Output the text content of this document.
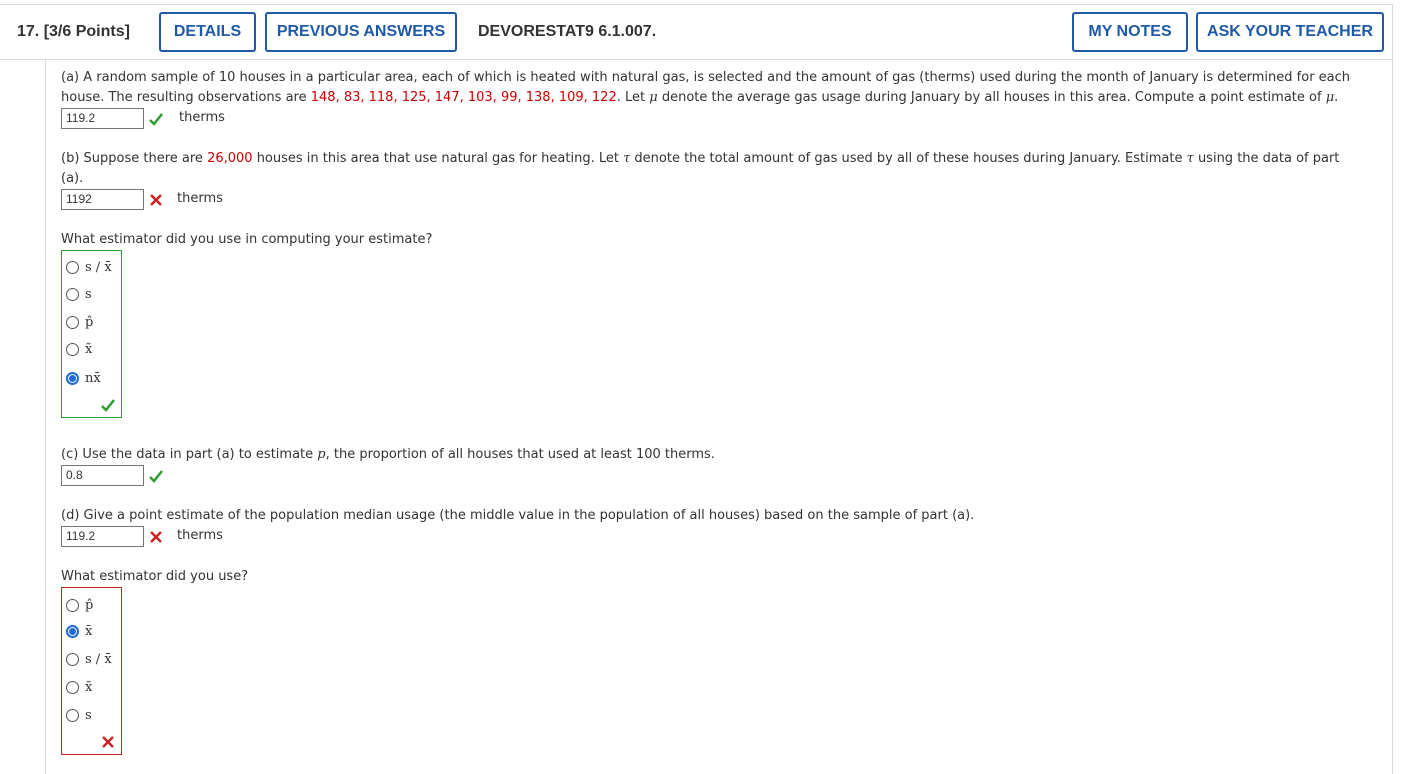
17. [3/6 Points]	DETAILS	PREVIOUS ANSWERS	DEVORESTAT9 6.1.007.	MY NOTES	ASK YOUR TEACHER
(a) A random sample of 10 houses in a particular area, each of which is heated with natural gas, is selected and the amount of gas (therms) used during the month of January is determined for each
house. The resulting observations are 148, 83, 118, 125, 147, 103, 99, 138, 109, 122. Let μ denote the average gas usage during January by all houses in this area. Compute a point estimate of μ.
119.2	therms
(b) Suppose there are 26,000 houses in this area that use natural gas for heating. Let τ denote the total amount of gas used by all of these houses during January. Estimate τ using the data of part
(a).
1192	therms
What estimator did you use in computing your estimate?
s / x̄
s
p̂
x̃
nx̄
(c) Use the data in part (a) to estimate p, the proportion of all houses that used at least 100 therms.
0.8
(d) Give a point estimate of the population median usage (the middle value in the population of all houses) based on the sample of part (a).
119.2	therms
What estimator did you use?
p̂
x̄
s / x̄
x̃
s
